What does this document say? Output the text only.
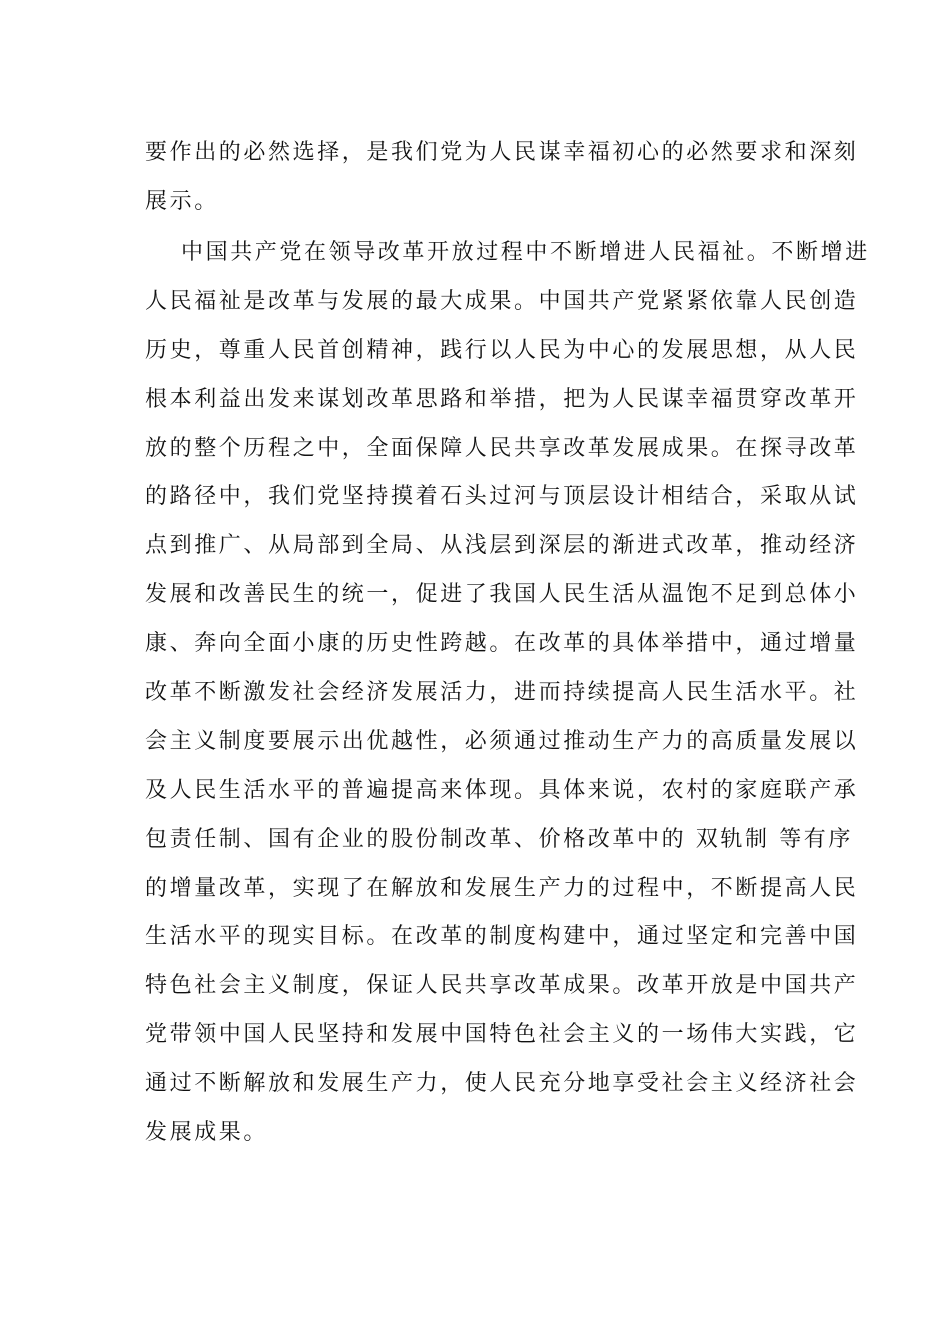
要作出的必然选择，是我们党为人民谋幸福初心的必然要求和深刻
展示。
中国共产党在领导改革开放过程中不断增进人民福祉。不断增进
人民福祉是改革与发展的最大成果。中国共产党紧紧依靠人民创造
历史，尊重人民首创精神，践行以人民为中心的发展思想，从人民
根本利益出发来谋划改革思路和举措，把为人民谋幸福贯穿改革开
放的整个历程之中，全面保障人民共享改革发展成果。在探寻改革
的路径中，我们党坚持摸着石头过河与顶层设计相结合，采取从试
点到推广、从局部到全局、从浅层到深层的渐进式改革，推动经济
发展和改善民生的统一，促进了我国人民生活从温饱不足到总体小
康、奔向全面小康的历史性跨越。在改革的具体举措中，通过增量
改革不断激发社会经济发展活力，进而持续提高人民生活水平。社
会主义制度要展示出优越性，必须通过推动生产力的高质量发展以
及人民生活水平的普遍提高来体现。具体来说，农村的家庭联产承
包责任制、国有企业的股份制改革、价格改革中的 双轨制 等有序
的增量改革，实现了在解放和发展生产力的过程中，不断提高人民
生活水平的现实目标。在改革的制度构建中，通过坚定和完善中国
特色社会主义制度，保证人民共享改革成果。改革开放是中国共产
党带领中国人民坚持和发展中国特色社会主义的一场伟大实践，它
通过不断解放和发展生产力，使人民充分地享受社会主义经济社会
发展成果。
